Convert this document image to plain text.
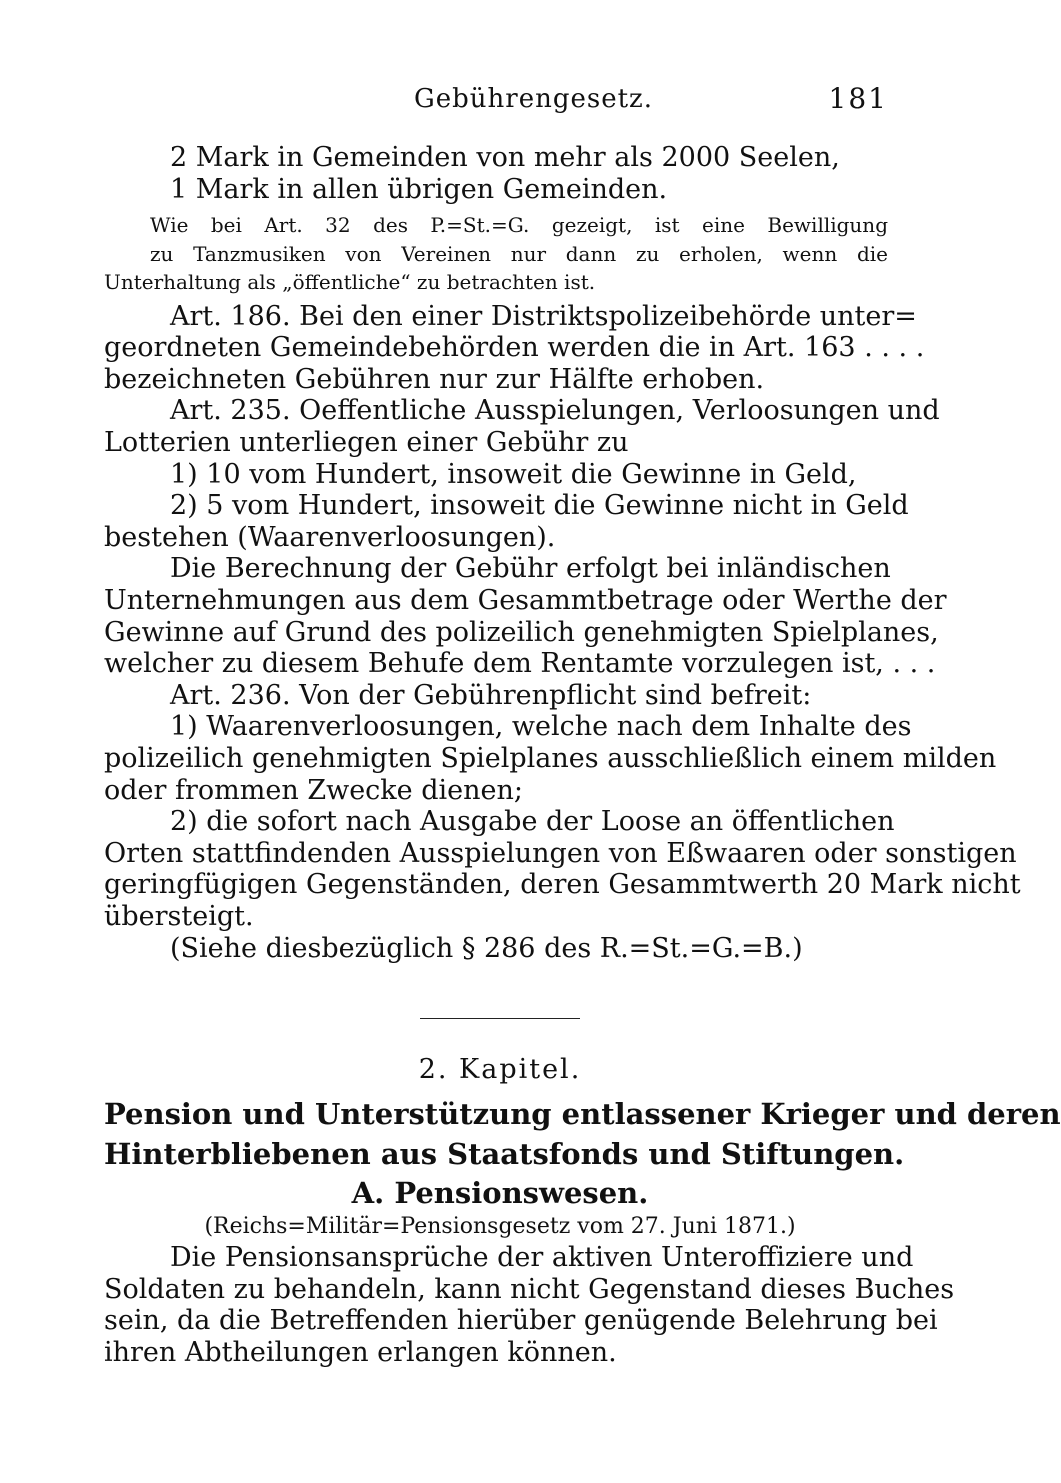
Gebührengesetz.	181
2 Mark in Gemeinden von mehr als 2000 Seelen,
1 Mark in allen übrigen Gemeinden.
Wie bei Art. 32 des P.=St.=G. gezeigt, ist eine Bewilligung
zu Tanzmusiken von Vereinen nur dann zu erholen, wenn die
Unterhaltung als „öffentliche“ zu betrachten ist.
Art. 186. Bei den einer Distriktspolizeibehörde unter=
geordneten Gemeindebehörden werden die in Art. 163 . . . .
bezeichneten Gebühren nur zur Hälfte erhoben.
Art. 235. Oeffentliche Ausspielungen, Verloosungen und
Lotterien unterliegen einer Gebühr zu
1) 10 vom Hundert, insoweit die Gewinne in Geld,
2) 5 vom Hundert, insoweit die Gewinne nicht in Geld
bestehen (Waarenverloosungen).
Die Berechnung der Gebühr erfolgt bei inländischen
Unternehmungen aus dem Gesammtbetrage oder Werthe der
Gewinne auf Grund des polizeilich genehmigten Spielplanes,
welcher zu diesem Behufe dem Rentamte vorzulegen ist, . . .
Art. 236. Von der Gebührenpflicht sind befreit:
1) Waarenverloosungen, welche nach dem Inhalte des
polizeilich genehmigten Spielplanes ausschließlich einem milden
oder frommen Zwecke dienen;
2) die sofort nach Ausgabe der Loose an öffentlichen
Orten stattfindenden Ausspielungen von Eßwaaren oder sonstigen
geringfügigen Gegenständen, deren Gesammtwerth 20 Mark nicht
übersteigt.
(Siehe diesbezüglich § 286 des R.=St.=G.=B.)
2. Kapitel.
Pension und Unterstützung entlassener Krieger und deren
Hinterbliebenen aus Staatsfonds und Stiftungen.
A. Pensionswesen.
(Reichs=Militär=Pensionsgesetz vom 27. Juni 1871.)
Die Pensionsansprüche der aktiven Unteroffiziere und
Soldaten zu behandeln, kann nicht Gegenstand dieses Buches
sein, da die Betreffenden hierüber genügende Belehrung bei
ihren Abtheilungen erlangen können.
